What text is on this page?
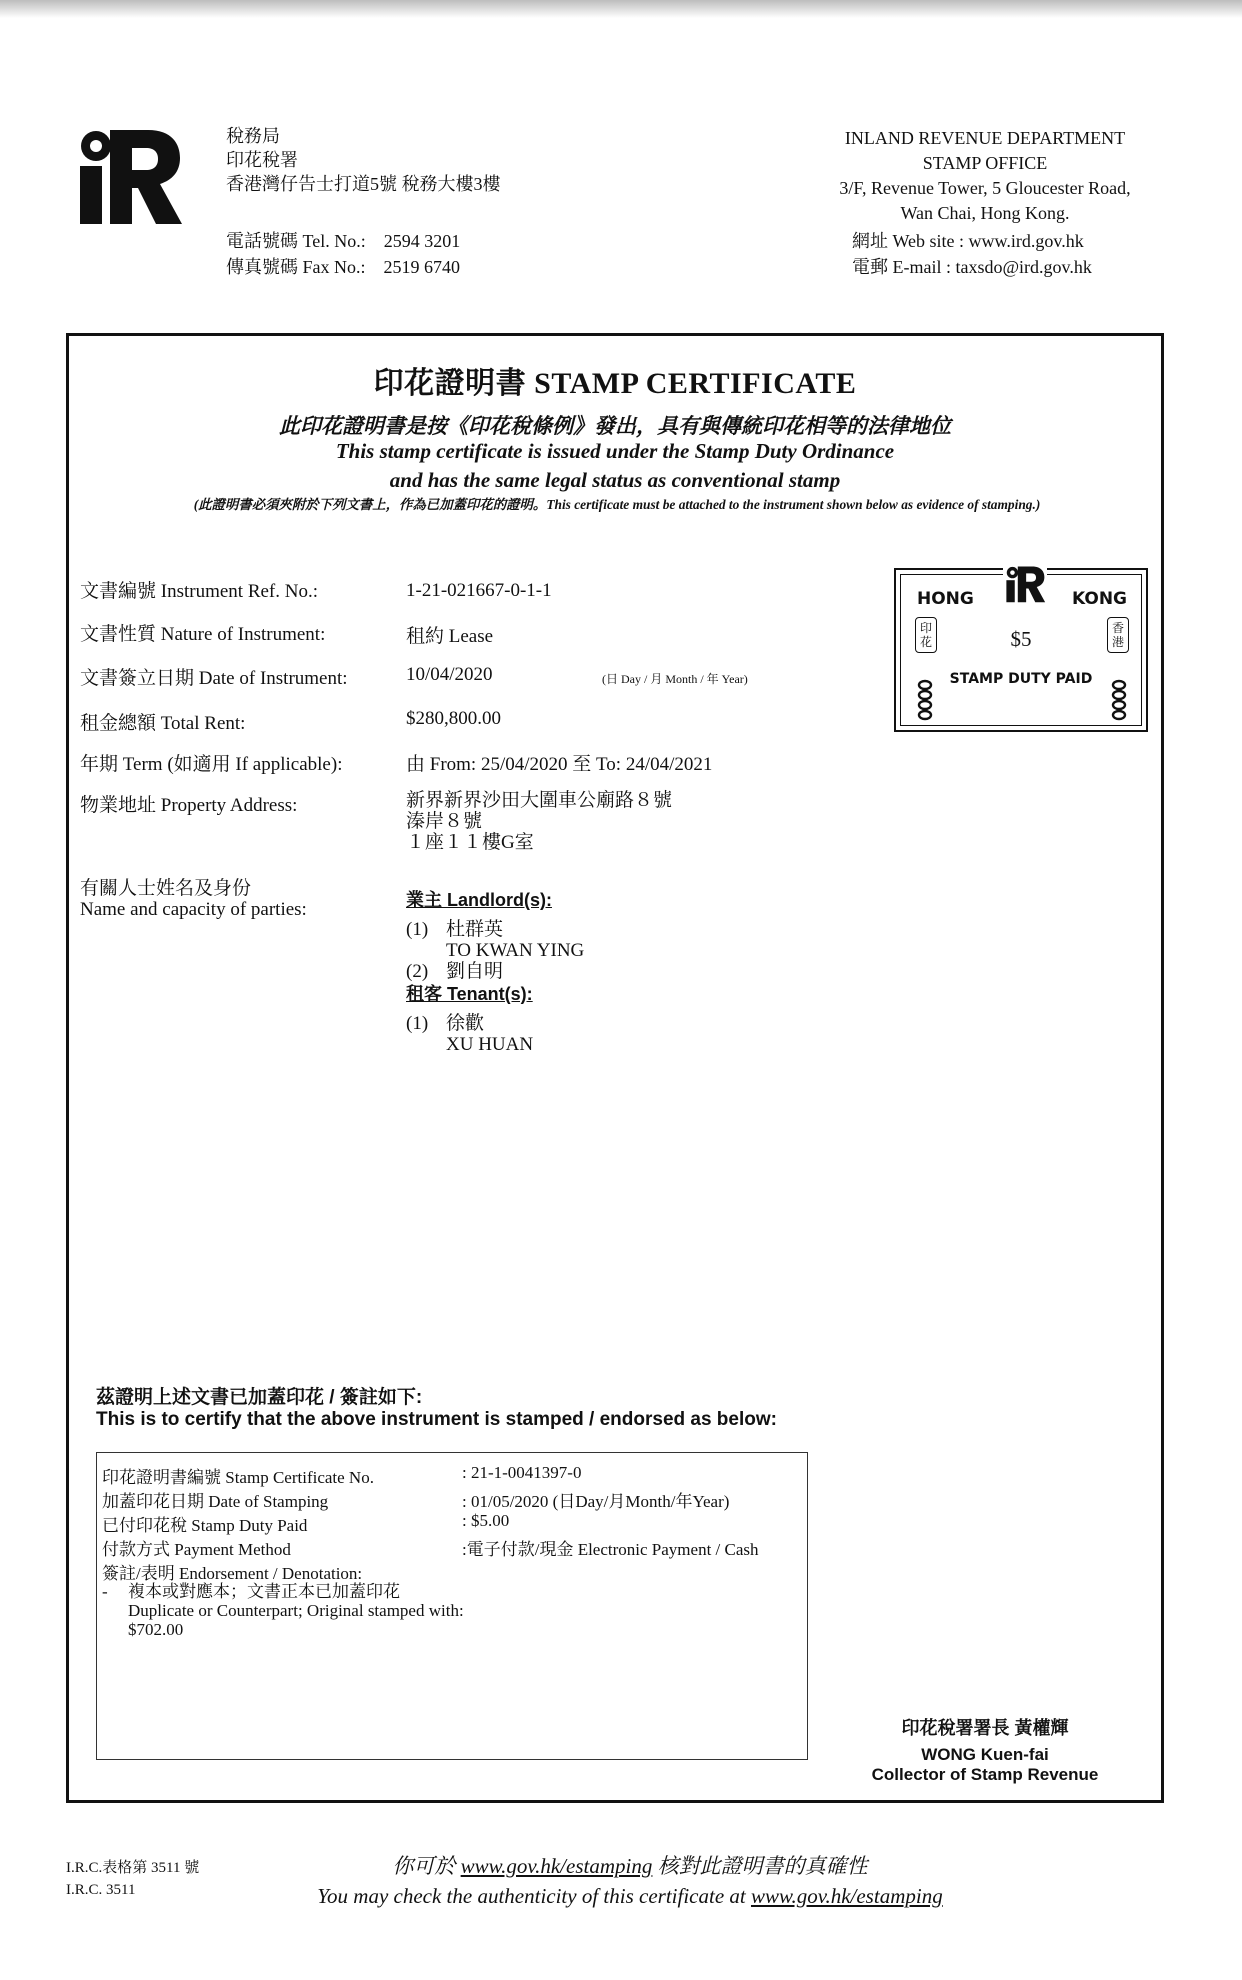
稅務局
印花稅署
香港灣仔告士打道5號 稅務大樓3樓
電話號碼 Tel. No.: 2594 3201
傳真號碼 Fax No.: 2519 6740
INLAND REVENUE DEPARTMENT
STAMP OFFICE
3/F, Revenue Tower, 5 Gloucester Road,
Wan Chai, Hong Kong.
網址 Web site : www.ird.gov.hk
電郵 E-mail : taxsdo@ird.gov.hk
印花證明書 STAMP CERTIFICATE
此印花證明書是按《印花稅條例》發出，具有與傳統印花相等的法律地位
This stamp certificate is issued under the Stamp Duty Ordinance
and has the same legal status as conventional stamp
(此證明書必須夾附於下列文書上，作為已加蓋印花的證明。This certificate must be attached to the instrument shown below as evidence of stamping.)
文書編號 Instrument Ref. No.:	1-21-021667-0-1-1
文書性質 Nature of Instrument:	租約 Lease
文書簽立日期 Date of Instrument:	10/04/2020	(日 Day / 月 Month / 年 Year)
租金總額 Total Rent:	$280,800.00
年期 Term (如適用 If applicable):	由 From: 25/04/2020 至 To: 24/04/2021
物業地址 Property Address:	新界新界沙田大圍車公廟路８號
溱岸８號
１座１１樓G室
有關人士姓名及身份
Name and capacity of parties:	業主 Landlord(s):
(1) 杜群英
TO KWAN YING
(2) 劉自明
租客 Tenant(s):
(1) 徐歡
XU HUAN
HONG	KONG
印花
香港
$5
STAMP DUTY PAID
茲證明上述文書已加蓋印花 / 簽註如下:
This is to certify that the above instrument is stamped / endorsed as below:
印花證明書編號 Stamp Certificate No.	: 21-1-0041397-0
加蓋印花日期 Date of Stamping	: 01/05/2020 (日Day/月Month/年Year)
已付印花稅 Stamp Duty Paid	: $5.00
付款方式 Payment Method	:電子付款/現金 Electronic Payment / Cash
簽註/表明 Endorsement / Denotation:
- 複本或對應本；文書正本已加蓋印花
Duplicate or Counterpart; Original stamped with:
$702.00
印花稅署署長 黃權輝
WONG Kuen-fai
Collector of Stamp Revenue
I.R.C.表格第 3511 號
I.R.C. 3511
你可於 www.gov.hk/estamping 核對此證明書的真確性
You may check the authenticity of this certificate at www.gov.hk/estamping
